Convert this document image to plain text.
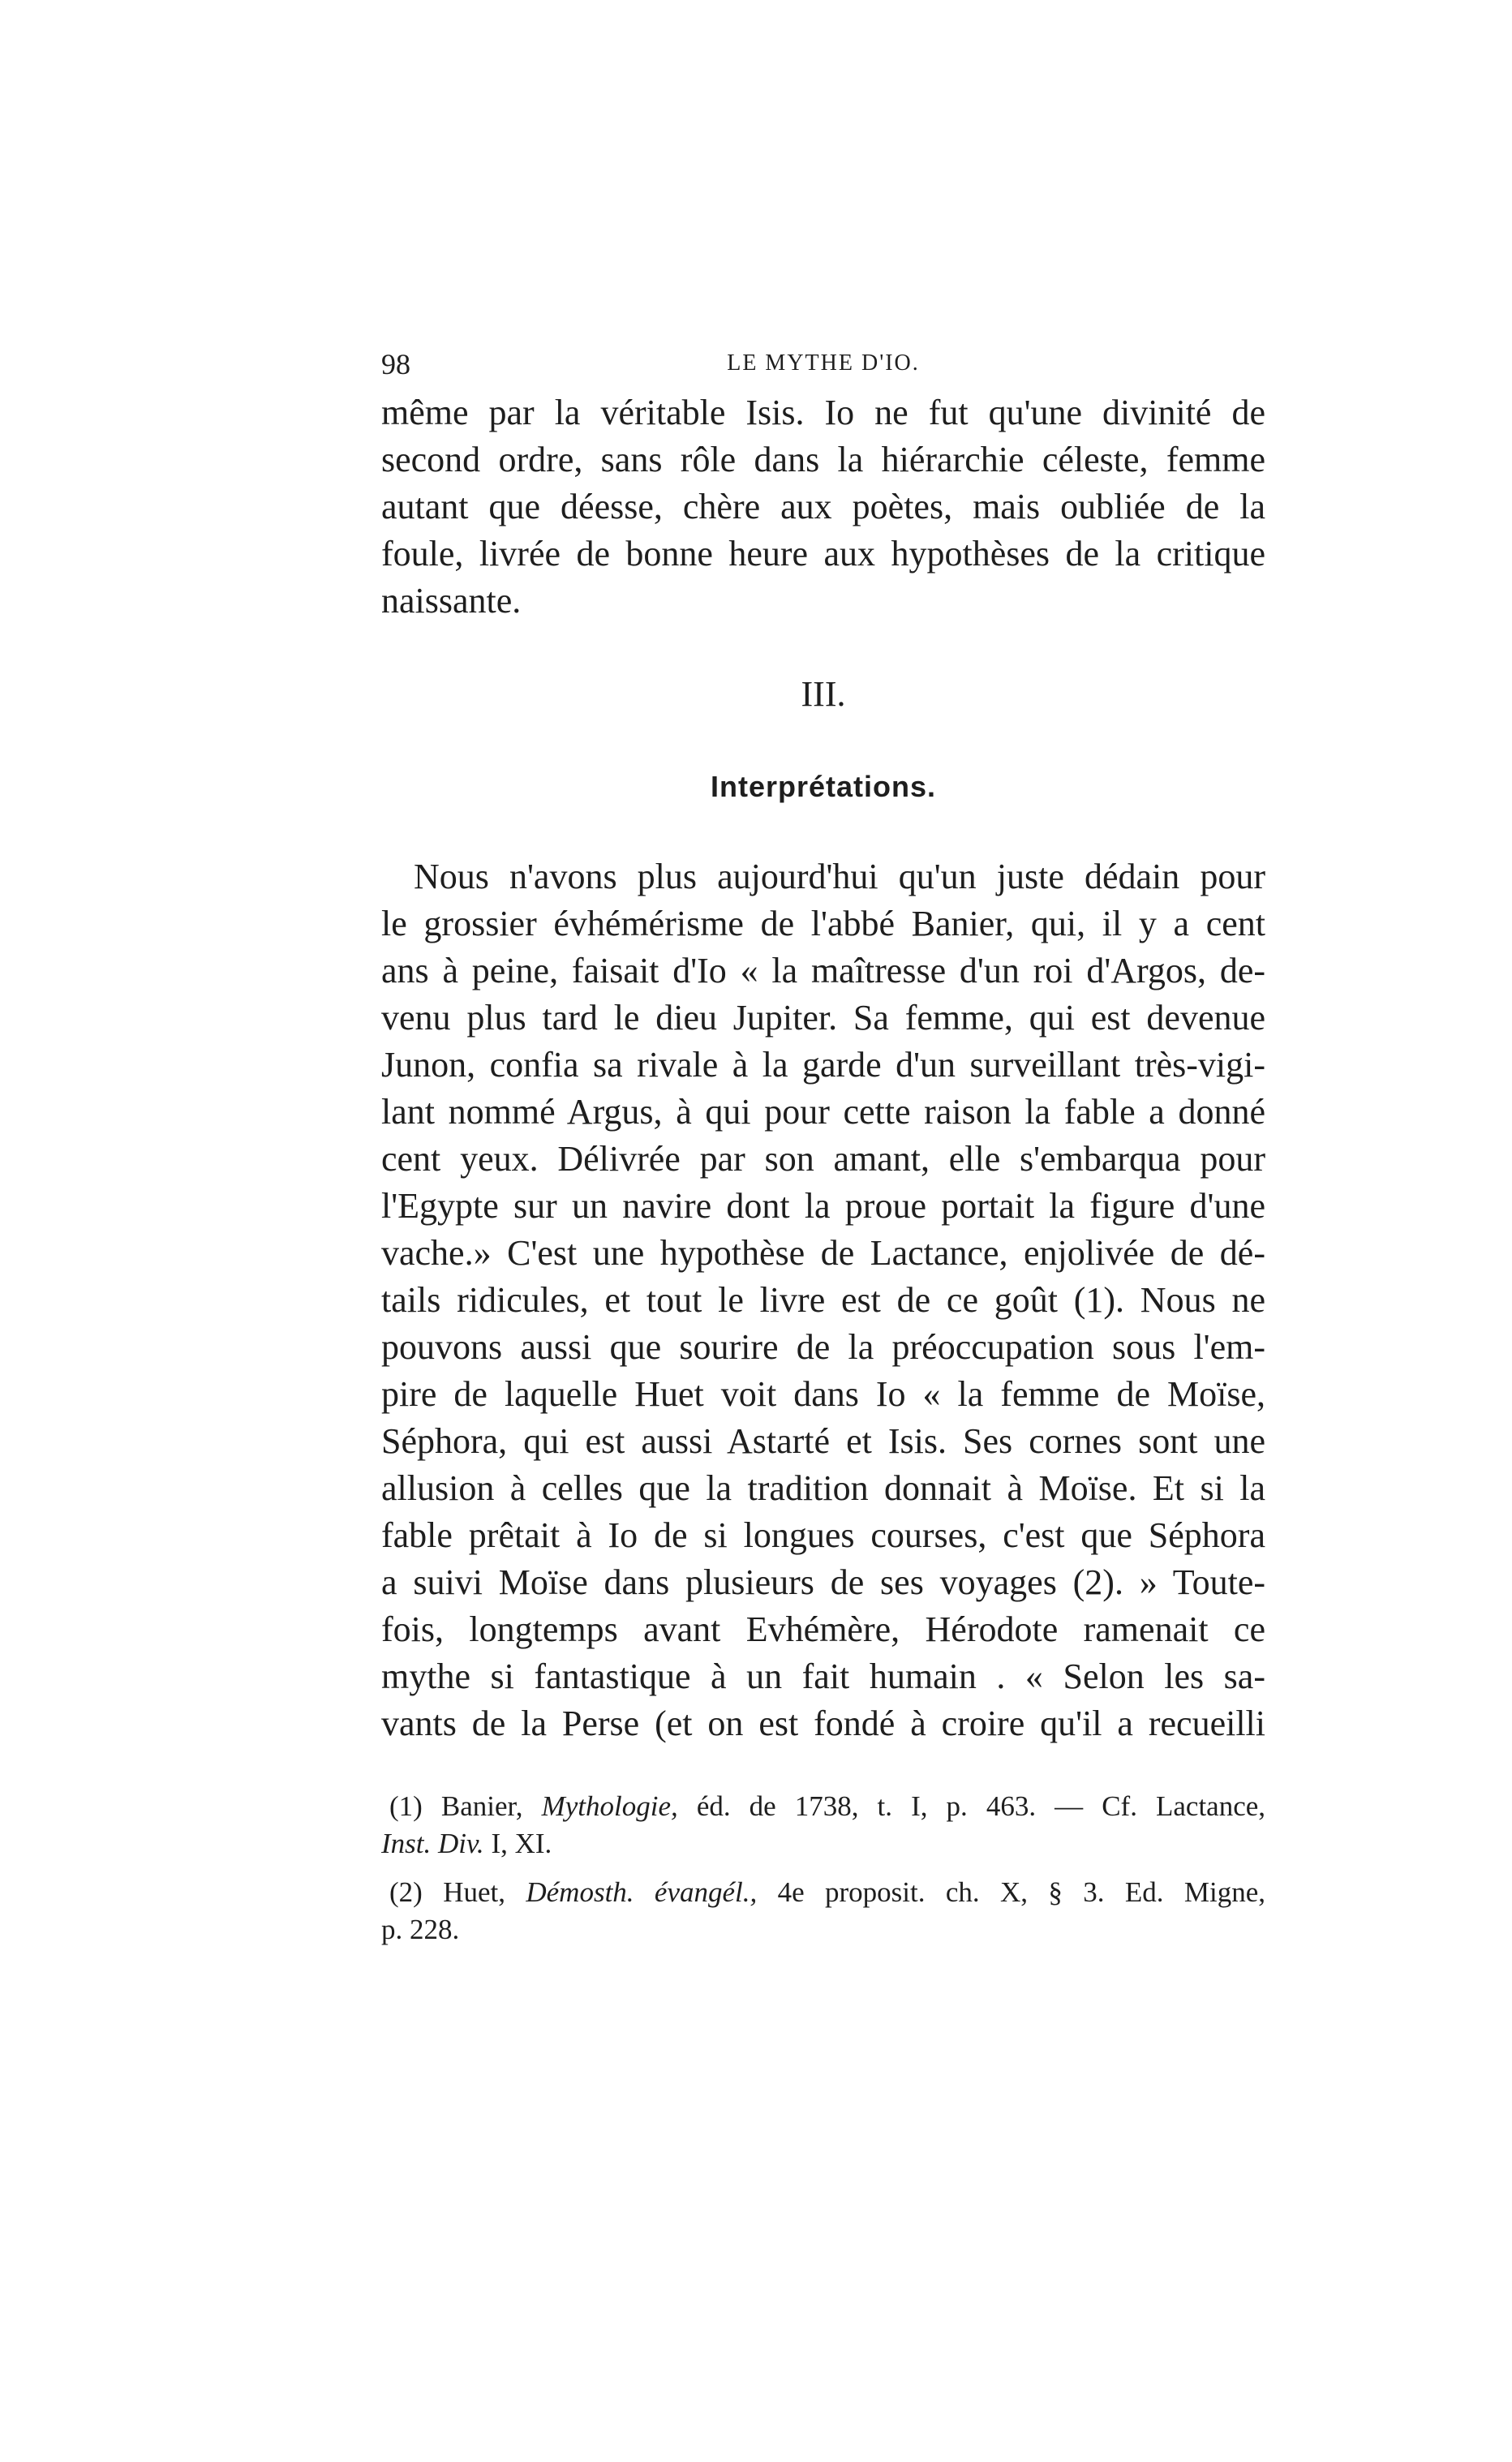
98	LE MYTHE D'IO.
même par la véritable Isis. Io ne fut qu'une divinité de
second ordre, sans rôle dans la hiérarchie céleste, femme
autant que déesse, chère aux poètes, mais oubliée de la
foule, livrée de bonne heure aux hypothèses de la critique
naissante.
III.
Interprétations.
Nous n'avons plus aujourd'hui qu'un juste dédain pour
le grossier évhémérisme de l'abbé Banier, qui, il y a cent
ans à peine, faisait d'Io « la maîtresse d'un roi d'Argos, de-
venu plus tard le dieu Jupiter. Sa femme, qui est devenue
Junon, confia sa rivale à la garde d'un surveillant très-vigi-
lant nommé Argus, à qui pour cette raison la fable a donné
cent yeux. Délivrée par son amant, elle s'embarqua pour
l'Egypte sur un navire dont la proue portait la figure d'une
vache.» C'est une hypothèse de Lactance, enjolivée de dé-
tails ridicules, et tout le livre est de ce goût (1). Nous ne
pouvons aussi que sourire de la préoccupation sous l'em-
pire de laquelle Huet voit dans Io « la femme de Moïse,
Séphora, qui est aussi Astarté et Isis. Ses cornes sont une
allusion à celles que la tradition donnait à Moïse. Et si la
fable prêtait à Io de si longues courses, c'est que Séphora
a suivi Moïse dans plusieurs de ses voyages (2). » Toute-
fois, longtemps avant Evhémère, Hérodote ramenait ce
mythe si fantastique à un fait humain . « Selon les sa-
vants de la Perse (et on est fondé à croire qu'il a recueilli
(1) Banier, Mythologie, éd. de 1738, t. I, p. 463. — Cf. Lactance,
Inst. Div. I, XI.
(2) Huet, Démosth. évangél., 4e proposit. ch. X, § 3. Ed. Migne,
p. 228.
